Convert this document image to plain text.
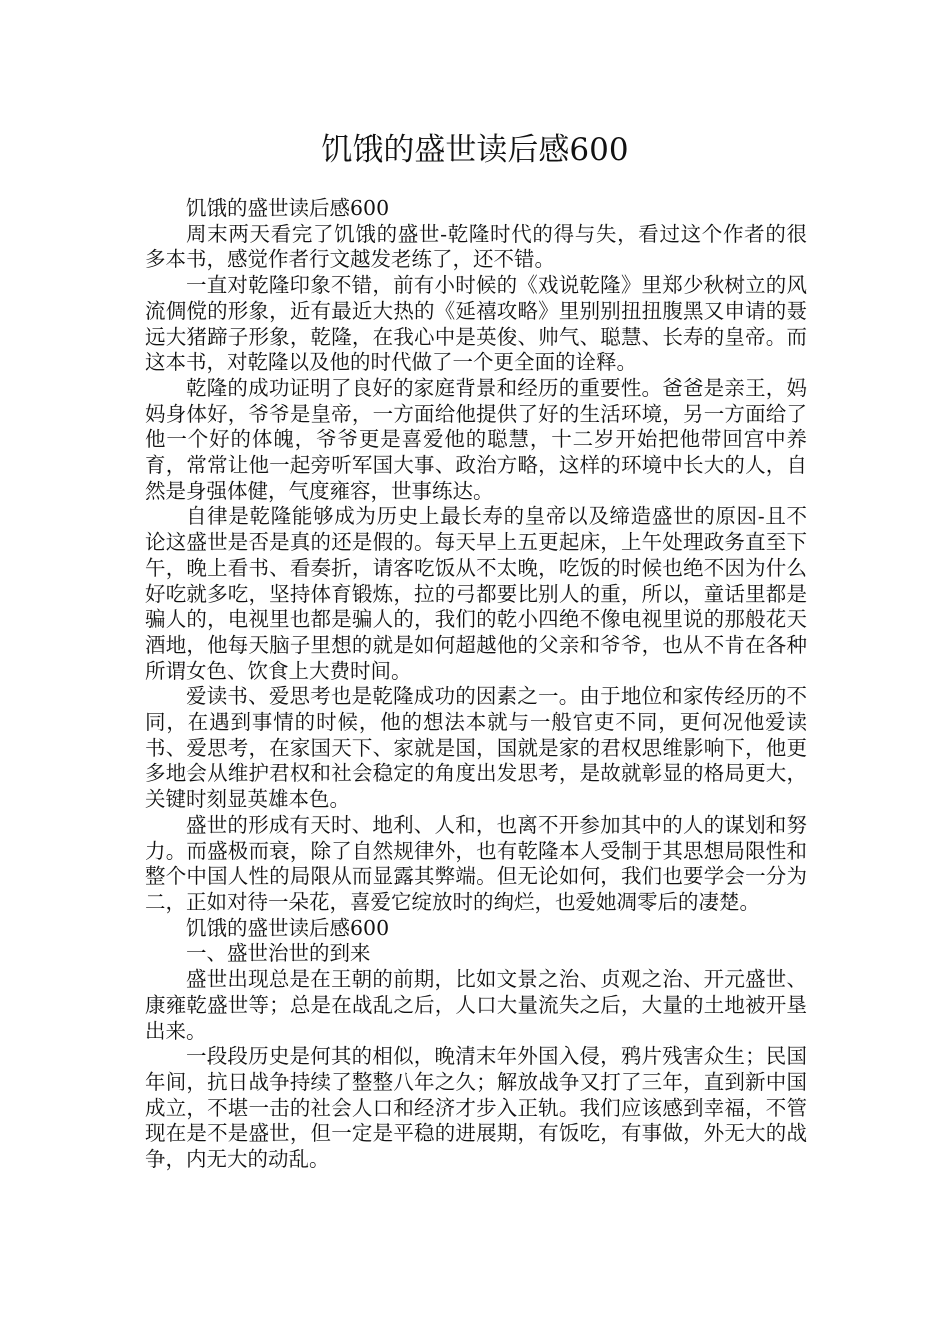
饥饿的盛世读后感600

饥饿的盛世读后感600

周末两天看完了饥饿的盛世-乾隆时代的得与失，看过这个作者的很多本书，感觉作者行文越发老练了，还不错。

一直对乾隆印象不错，前有小时候的《戏说乾隆》里郑少秋树立的风流倜傥的形象，近有最近大热的《延禧攻略》里别别扭扭腹黑又申请的聂远大猪蹄子形象，乾隆，在我心中是英俊、帅气、聪慧、长寿的皇帝。而这本书，对乾隆以及他的时代做了一个更全面的诠释。

乾隆的成功证明了良好的家庭背景和经历的重要性。爸爸是亲王，妈妈身体好，爷爷是皇帝，一方面给他提供了好的生活环境，另一方面给了他一个好的体魄，爷爷更是喜爱他的聪慧，十二岁开始把他带回宫中养育，常常让他一起旁听军国大事、政治方略，这样的环境中长大的人，自然是身强体健，气度雍容，世事练达。

自律是乾隆能够成为历史上最长寿的皇帝以及缔造盛世的原因-且不论这盛世是否是真的还是假的。每天早上五更起床，上午处理政务直至下午，晚上看书、看奏折，请客吃饭从不太晚，吃饭的时候也绝不因为什么好吃就多吃，坚持体育锻炼，拉的弓都要比别人的重，所以，童话里都是骗人的，电视里也都是骗人的，我们的乾小四绝不像电视里说的那般花天酒地，他每天脑子里想的就是如何超越他的父亲和爷爷，也从不肯在各种所谓女色、饮食上大费时间。

爱读书、爱思考也是乾隆成功的因素之一。由于地位和家传经历的不同，在遇到事情的时候，他的想法本就与一般官吏不同，更何况他爱读书、爱思考，在家国天下、家就是国，国就是家的君权思维影响下，他更多地会从维护君权和社会稳定的角度出发思考，是故就彰显的格局更大，关键时刻显英雄本色。

盛世的形成有天时、地利、人和，也离不开参加其中的人的谋划和努力。而盛极而衰，除了自然规律外，也有乾隆本人受制于其思想局限性和整个中国人性的局限从而显露其弊端。但无论如何，我们也要学会一分为二，正如对待一朵花，喜爱它绽放时的绚烂，也爱她凋零后的凄楚。

饥饿的盛世读后感600

一、盛世治世的到来

盛世出现总是在王朝的前期，比如文景之治、贞观之治、开元盛世、康雍乾盛世等；总是在战乱之后，人口大量流失之后，大量的土地被开垦出来。

一段段历史是何其的相似，晚清末年外国入侵，鸦片残害众生；民国年间，抗日战争持续了整整八年之久；解放战争又打了三年，直到新中国成立，不堪一击的社会人口和经济才步入正轨。我们应该感到幸福，不管现在是不是盛世，但一定是平稳的进展期，有饭吃，有事做，外无大的战争，内无大的动乱。
